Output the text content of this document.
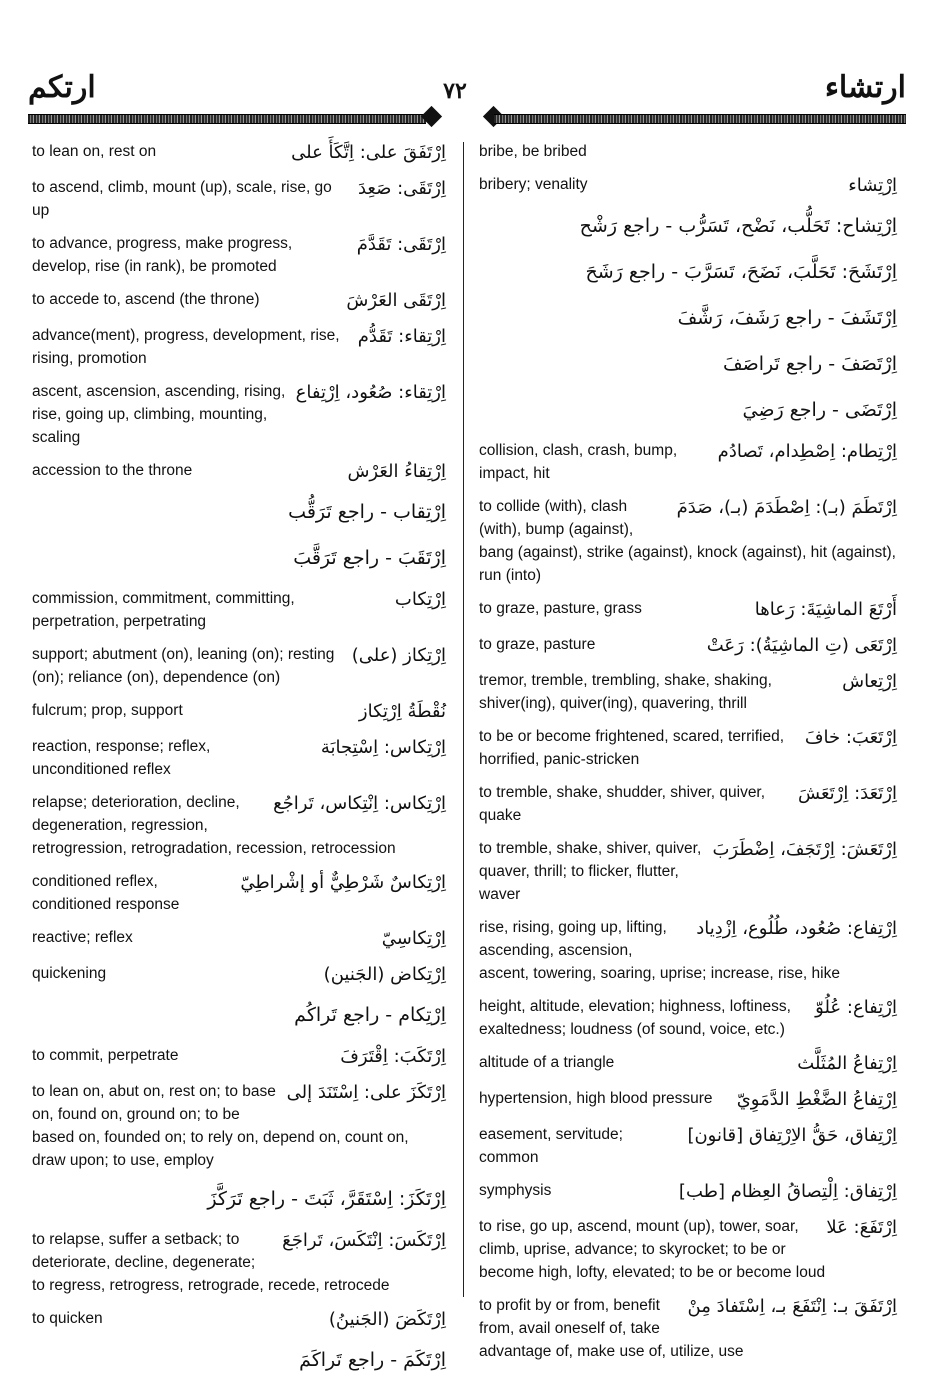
ارتكم	٧٢	ارتشاء
اِرْتَفَقَ على: اِتَّكَأَ على
to lean on, rest on
اِرْتَقَى: صَعِدَ
to ascend, climb, mount (up), scale, rise, go up
اِرْتَقَى: تَقَدَّمَ
to advance, progress, make progress, develop, rise (in rank), be promoted
اِرْتَقَى العَرْشَ
to accede to, ascend (the throne)
اِرْتِقاء: تَقَدُّم
advance(ment), progress, development, rise, rising, promotion
اِرْتِقاء: صُعُود، اِرْتِفاع
ascent, ascension, ascending, rising, rise, going up, climbing, mounting, scaling
اِرْتِقاءُ العَرْش
accession to the throne
اِرْتِقاب - راجع تَرَقُّب
اِرْتَقَبَ - راجع تَرَقَّبَ
اِرْتِكاب
commission, commitment, committing, perpetration, perpetrating
اِرْتِكاز (على)
support; abutment (on), leaning (on); resting (on); reliance (on), dependence (on)
نُقْطَةُ اِرْتِكاز
fulcrum; prop, support
اِرْتِكاس: اِسْتِجابَة
reaction, response; reflex, unconditioned reflex
اِرْتِكاس: اِنْتِكاس، تَراجُع
relapse; deterioration, decline, degeneration, regression, retrogression, retrogradation, recession, retrocession
اِرْتِكاسٌ شَرْطِيٌّ أو إشْراطِيّ
conditioned reflex, conditioned response
اِرْتِكاسِيّ
reactive; reflex
اِرْتِكاض (الجَنين)
quickening
اِرْتِكام - راجع تَراكُم
اِرْتَكَبَ: اِقْتَرَفَ
to commit, perpetrate
اِرْتَكَزَ على: اِسْتَنَدَ إلى
to lean on, abut on, rest on; to base on, found on, ground on; to be based on, founded on; to rely on, depend on, count on, draw upon; to use, employ
اِرْتَكَزَ: اِسْتَقَرَّ، ثَبَتَ - راجع تَرَكَّزَ
اِرْتَكَسَ: اِنْتَكَسَ، تَراجَعَ
to relapse, suffer a setback; to deteriorate, decline, degenerate; to regress, retrogress, retrograde, recede, retrocede
اِرْتَكَضَ (الجَنينُ)
to quicken
اِرْتَكَمَ - راجع تَراكَمَ
bribe, be bribed
اِرْتِشاء
bribery; venality
اِرْتِشاح: تَحَلُّب، نَضْح، تَسَرُّب - راجع رَشْح
اِرْتَشَحَ: تَحَلَّبَ، نَضَحَ، تَسَرَّبَ - راجع رَشَحَ
اِرْتَشَفَ - راجع رَشَفَ، رَشَّفَ
اِرْتَصَفَ - راجع تَراصَفَ
اِرْتَضَى - راجع رَضِيَ
اِرْتِطام: اِصْطِدام، تَصادُم
collision, clash, crash, bump, impact, hit
اِرْتَطَمَ (بـ): اِصْطَدَمَ (بـ)، صَدَمَ
to collide (with), clash (with), bump (against), bang (against), strike (against), knock (against), hit (against), run (into)
أَرْتَعَ الماشِيَةَ: رَعاها
to graze, pasture, grass
اِرْتَعَى (تِ الماشِيَةُ): رَعَتْ
to graze, pasture
اِرْتِعاش
tremor, tremble, trembling, shake, shaking, shiver(ing), quiver(ing), quavering, thrill
اِرْتَعَبَ: خافَ
to be or become frightened, scared, terrified, horrified, panic-stricken
اِرْتَعَدَ: اِرْتَعَشَ
to tremble, shake, shudder, shiver, quiver, quake
اِرْتَعَشَ: اِرْتَجَفَ، اِضْطَرَبَ
to tremble, shake, shiver, quiver, quaver, thrill; to flicker, flutter, waver
اِرْتِفاع: صُعُود، طُلُوع، اِزْدِياد
rise, rising, going up, lifting, ascending, ascension, ascent, towering, soaring, uprise; increase, rise, hike
اِرْتِفاع: عُلُوّ
height, altitude, elevation; highness, loftiness, exaltedness; loudness (of sound, voice, etc.)
اِرْتِفاعُ المُثَلَّث
altitude of a triangle
اِرْتِفاعُ الضَّغْطِ الدَّمَوِيّ
hypertension, high blood pressure
اِرْتِفاق، حَقُّ الاِرْتِفاق [قانون]
easement, servitude; common
اِرْتِفاق: اِلْتِصاقُ العِظام [طب]
symphysis
اِرْتَفَعَ: عَلا
to rise, go up, ascend, mount (up), tower, soar, climb, uprise, advance; to skyrocket; to be or become high, lofty, elevated; to be or become loud
اِرْتَفَقَ بـ: اِنْتَفَعَ بـ، اِسْتَفادَ مِنْ
to profit by or from, benefit from, avail oneself of, take advantage of, make use of, utilize, use
